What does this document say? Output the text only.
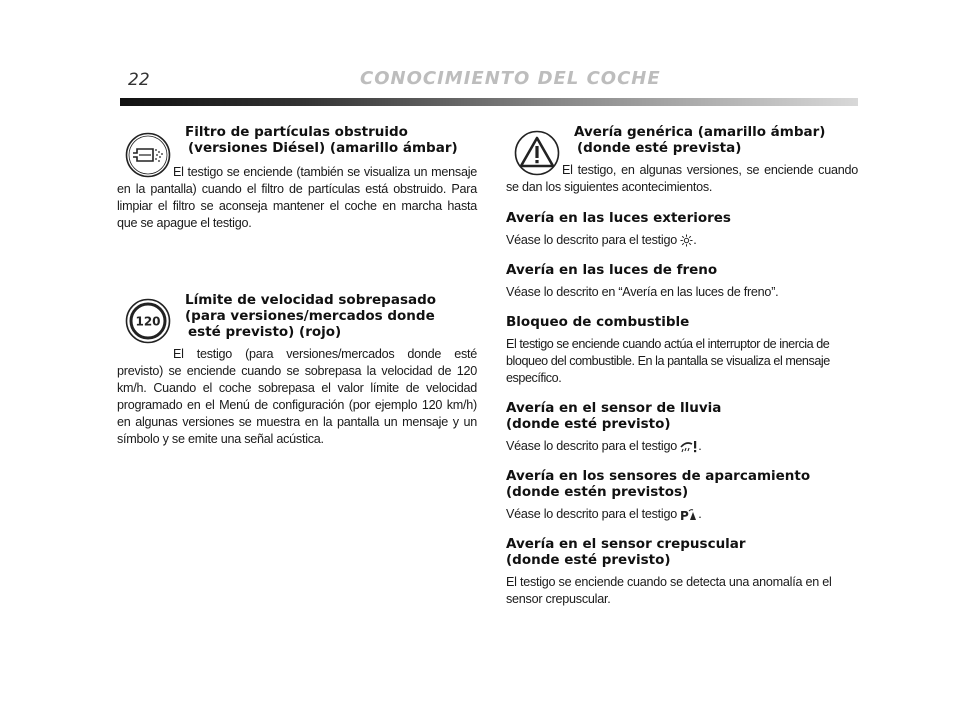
22	CONOCIMIENTO DEL COCHE
Filtro de partículas obstruido
(versiones Diésel) (amarillo ámbar)
El testigo se enciende (también se visualiza un mensaje en la pantalla) cuando el filtro de partículas está obstruido. Para limpiar el filtro se aconseja mantener el coche en marcha hasta que se apague el testigo.
120
Límite de velocidad sobrepasado
(para versiones/mercados donde
esté previsto) (rojo)
El testigo (para versiones/mercados donde esté previsto) se enciende cuando se sobrepasa la velocidad de 120 km/h. Cuando el coche sobrepasa el valor límite de velocidad programado en el Menú de configuración (por ejemplo 120 km/h) en algunas versiones se muestra en la pantalla un mensaje y un símbolo y se emite una señal acústica.
Avería genérica (amarillo ámbar)
(donde esté prevista)
El testigo, en algunas versiones, se enciende cuando se dan los siguientes acontecimientos.
Avería en las luces exteriores
Véase lo descrito para el testigo .
Avería en las luces de freno
Véase lo descrito en “Avería en las luces de freno”.
Bloqueo de combustible
El testigo se enciende cuando actúa el interruptor de inercia de bloqueo del combustible. En la pantalla se visualiza el mensaje específico.
Avería en el sensor de lluvia
(donde esté previsto)
Véase lo descrito para el testigo .
Avería en los sensores de aparcamiento
(donde estén previstos)
Véase lo descrito para el testigo P .
Avería en el sensor crepuscular
(donde esté previsto)
El testigo se enciende cuando se detecta una anomalía en el sensor crepuscular.
